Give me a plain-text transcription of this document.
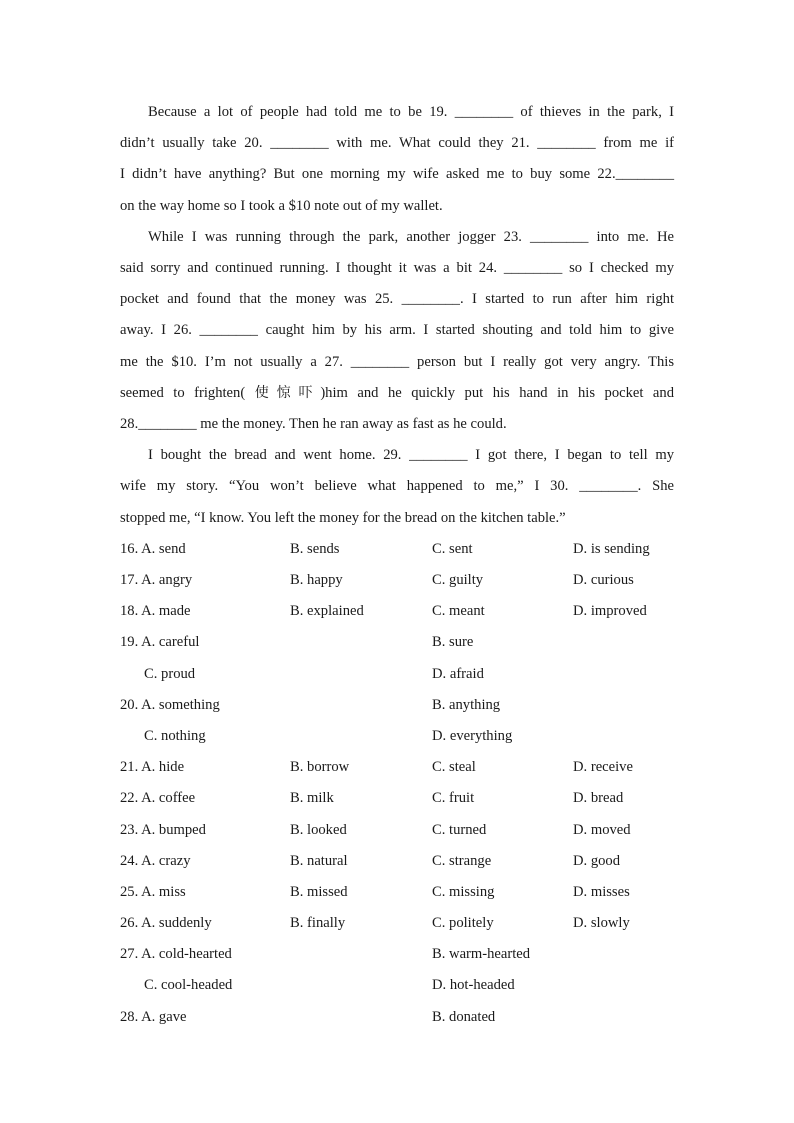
Because a lot of people had told me to be 19. ________ of thieves in the park, I

didn’t usually take 20. ________ with me. What could they 21. ________ from me if

I didn’t have anything? But one morning my wife asked me to buy some 22.________

on the way home so I took a $10 note out of my wallet.

While I was running through the park, another jogger 23. ________ into me. He

said sorry and continued running. I thought it was a bit 24. ________ so I checked my

pocket and found that the money was 25. ________. I started to run after him right

away. I 26. ________ caught him by his arm. I started shouting and told him to give

me the $10. I’m not usually a 27. ________ person but I really got very angry. This

seemed to frighten( 使惊吓)him and he quickly put his hand in his pocket and

28.________ me the money. Then he ran away as fast as he could.

I bought the bread and went home. 29. ________ I got there, I began to tell my

wife my story. “You won’t believe what happened to me,” I 30. ________. She

stopped me, “I know. You left the money for the bread on the kitchen table.”

16. A. send	B. sends	C. sent	D. is sending
17. A. angry	B. happy	C. guilty	D. curious
18. A. made	B. explained	C. meant	D. improved
19. A. careful	B. sure
C. proud	D. afraid
20. A. something	B. anything
C. nothing	D. everything
21. A. hide	B. borrow	C. steal	D. receive
22. A. coffee	B. milk	C. fruit	D. bread
23. A. bumped	B. looked	C. turned	D. moved
24. A. crazy	B. natural	C. strange	D. good
25. A. miss	B. missed	C. missing	D. misses
26. A. suddenly	B. finally	C. politely	D. slowly
27. A. cold-hearted	B. warm-hearted
C. cool-headed	D. hot-headed
28. A. gave	B. donated
